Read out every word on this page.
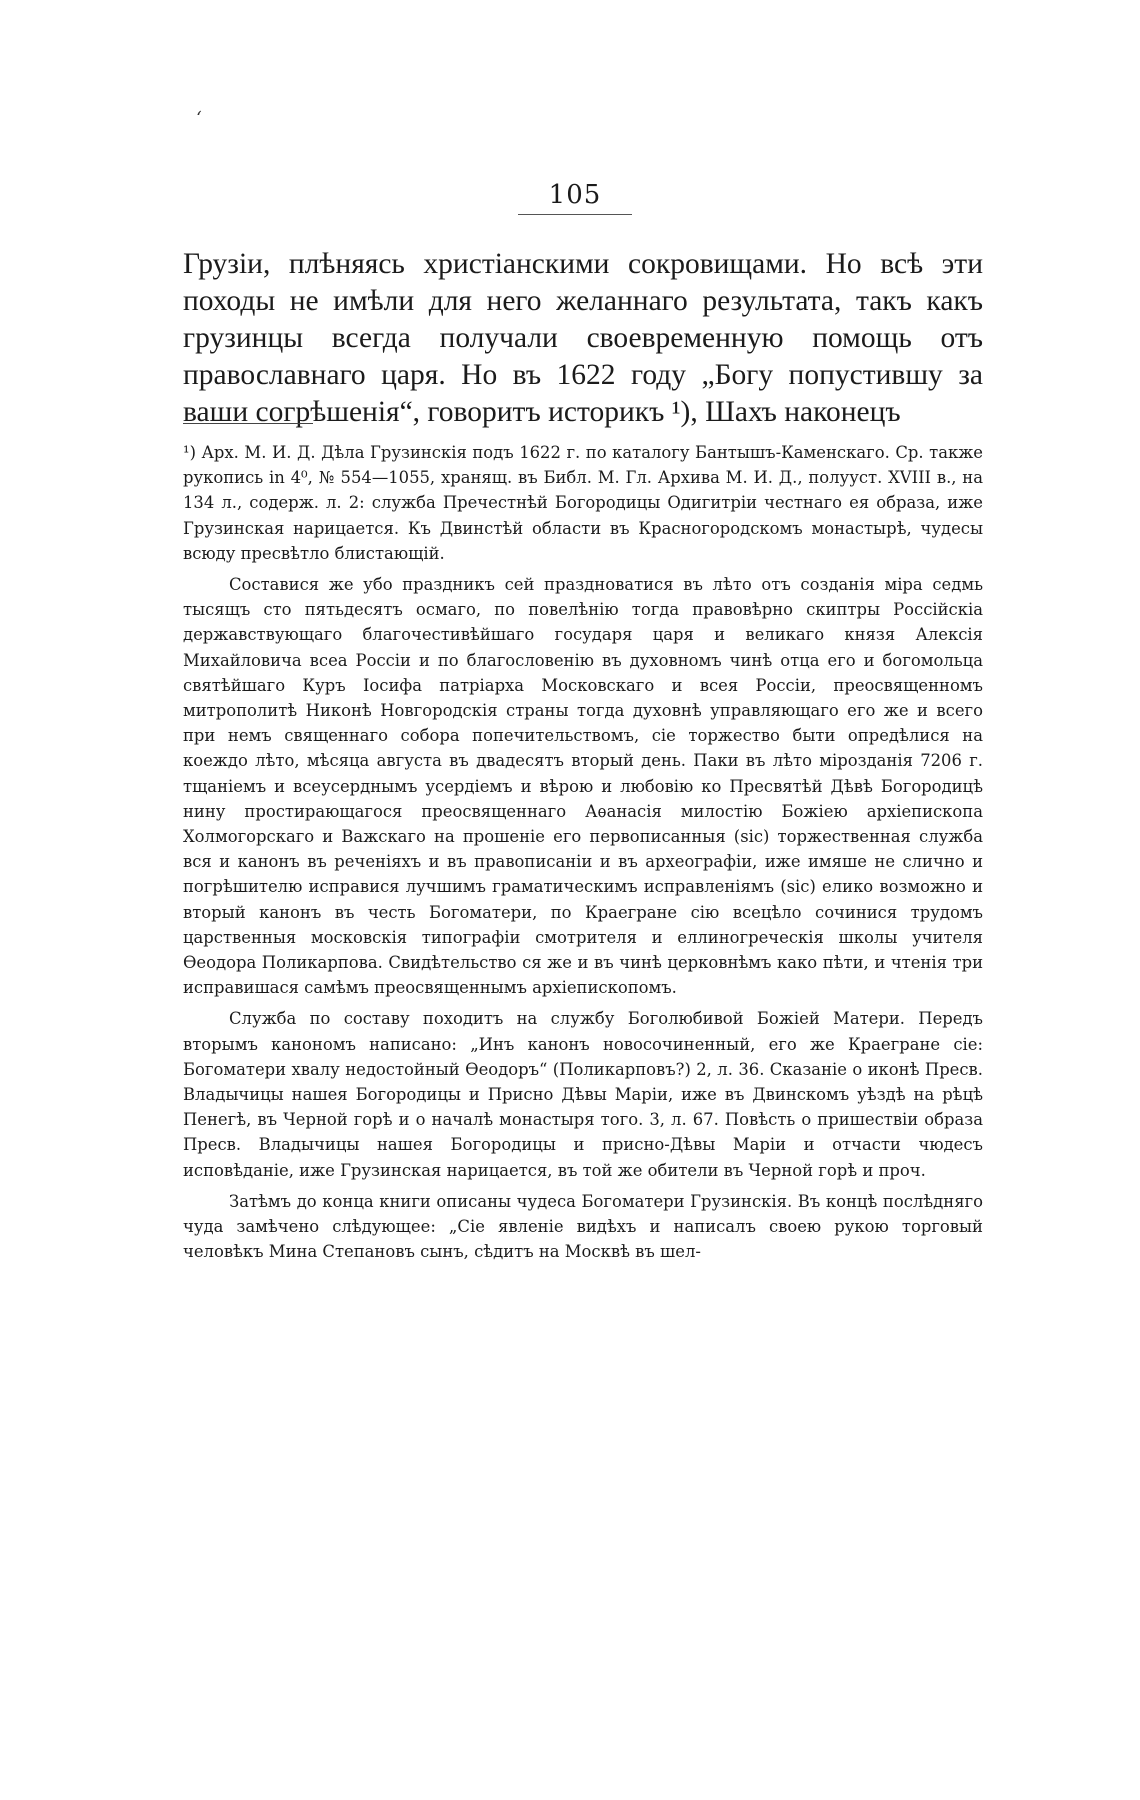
‘
105

Грузiи, плѣняясь христiанскими сокровищами. Но всѣ эти походы не имѣли для него желаннаго результата, такъ какъ грузинцы всегда получали своевременную помощь отъ православнаго царя. Но въ 1622 году „Богу попустившу за ваши согрѣшенiя“, говоритъ историкъ ¹), Шахъ наконецъ

¹) Арх. М. И. Д. Дѣла Грузинскiя подъ 1622 г. по каталогу Бантышъ-Каменскаго. Ср. также рукопись in 4⁰, № 554—1055, хранящ. въ Библ. М. Гл. Архива М. И. Д., полууст. XVIII в., на 134 л., содерж. л. 2: служба Пречестнѣй Богородицы Одигитрiи честнаго ея образа, иже Грузинская нарицается. Къ Двинстѣй области въ Красногородскомъ монастырѣ, чудесы всюду пресвѣтло блистающiй.

Составися же убо праздникъ сей праздноватися въ лѣто отъ созданiя мiра седмь тысящъ сто пятьдесятъ осмаго, по повелѣнiю тогда правовѣрно скиптры Россiйскiа державствующаго благочестивѣйшаго государя царя и великаго князя Алексiя Михайловича всеа Россiи и по благословенiю въ духовномъ чинѣ отца его и богомольца святѣйшаго Куръ Iосифа патрiарха Московскаго и всея Россiи, преосвященномъ митрополитѣ Никонѣ Новгородскiя страны тогда духовнѣ управляющаго его же и всего при немъ священнаго собора попечительствомъ, сiе торжество быти опредѣлися на коеждо лѣто, мѣсяца августа въ двадесятъ вторый день. Паки въ лѣто мiрозданiя 7206 г. тщанiемъ и всеусерднымъ усердiемъ и вѣрою и любовiю ко Пресвятѣй Дѣвѣ Богородицѣ нину простирающагося преосвященнаго Аѳанасiя милостiю Божiею архiепископа Холмогорскаго и Важскаго на прошенiе его первописанныя (sic) торжественная служба вся и канонъ въ реченiяхъ и въ правописанiи и въ археографiи, иже имяше не слично и погрѣшителю исправися лучшимъ граматическимъ исправленiямъ (sic) елико возможно и вторый канонъ въ честь Богоматери, по Краегране сiю всецѣло сочинися трудомъ царственныя московскiя типографiи смотрителя и еллиногреческiя школы учителя Ѳеодора Поликарпова. Свидѣтельство ся же и въ чинѣ церковнѣмъ како пѣти, и чтенiя три исправишася самѣмъ преосвященнымъ архiепископомъ.

Служба по составу походитъ на службу Боголюбивой Божiей Матери. Передъ вторымъ канономъ написано: „Инъ канонъ новосочиненный, его же Краегране сiе: Богоматери хвалу недостойный Ѳеодоръ“ (Поликарповъ?) 2, л. 36. Сказанiе о иконѣ Пресв. Владычицы нашея Богородицы и Присно Дѣвы Марiи, иже въ Двинскомъ уѣздѣ на рѣцѣ Пенегѣ, въ Черной горѣ и о началѣ монастыря того. 3, л. 67. Повѣсть о пришествiи образа Пресв. Владычицы нашея Богородицы и присно-Дѣвы Марiи и отчасти чюдесъ исповѣданiе, иже Грузинская нарицается, въ той же обители въ Черной горѣ и проч.

Затѣмъ до конца книги описаны чудеса Богоматери Грузинскiя. Въ концѣ послѣдняго чуда замѣчено слѣдующее: „Сiе явленiе видѣхъ и написалъ своею рукою торговый человѣкъ Мина Степановъ сынъ, сѣдитъ на Москвѣ въ шел-
